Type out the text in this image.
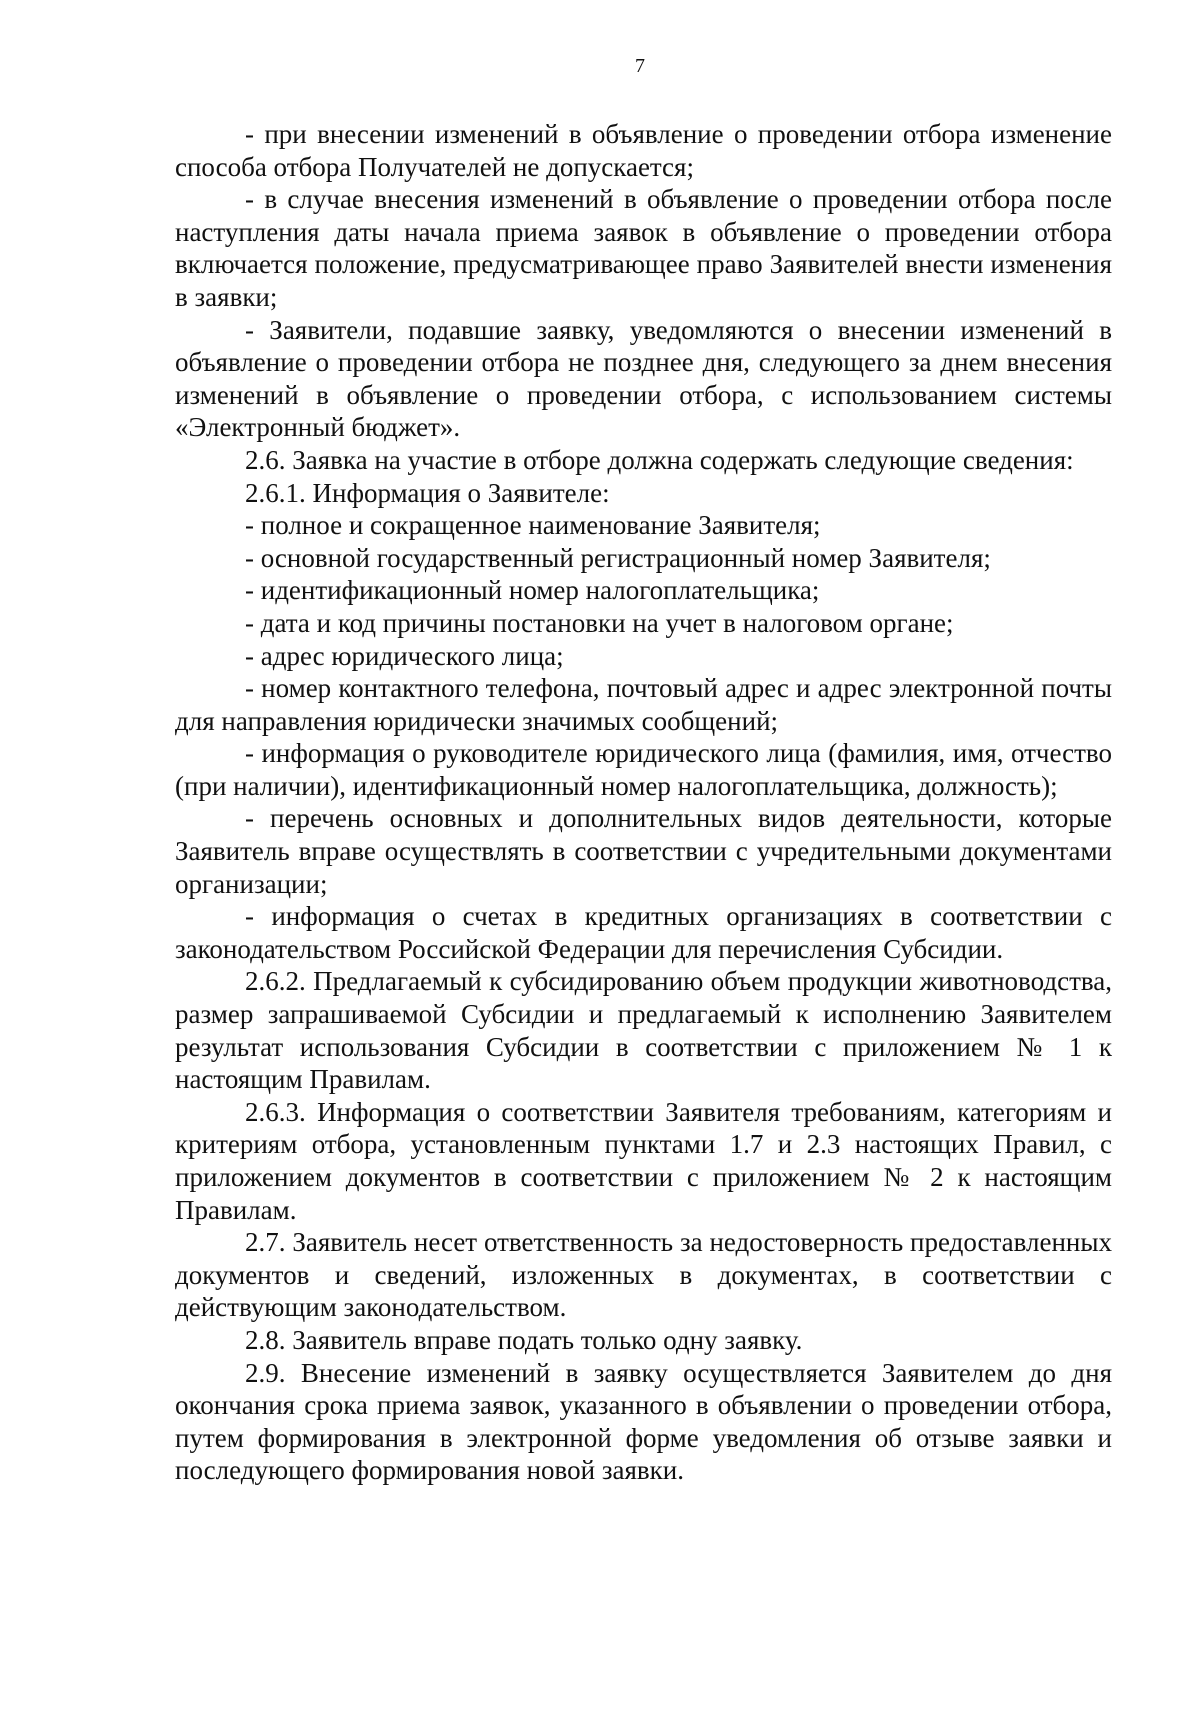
7

- при внесении изменений в объявление о проведении отбора изменение способа отбора Получателей не допускается;

- в случае внесения изменений в объявление о проведении отбора после наступления даты начала приема заявок в объявление о проведении отбора включается положение, предусматривающее право Заявителей внести изменения в заявки;

- Заявители, подавшие заявку, уведомляются о внесении изменений в объявление о проведении отбора не позднее дня, следующего за днем внесения изменений в объявление о проведении отбора, с использованием системы «Электронный бюджет».

2.6. Заявка на участие в отборе должна содержать следующие сведения:

2.6.1. Информация о Заявителе:

- полное и сокращенное наименование Заявителя;

- основной государственный регистрационный номер Заявителя;

- идентификационный номер налогоплательщика;

- дата и код причины постановки на учет в налоговом органе;

- адрес юридического лица;

- номер контактного телефона, почтовый адрес и адрес электронной почты для направления юридически значимых сообщений;

- информация о руководителе юридического лица (фамилия, имя, отчество (при наличии), идентификационный номер налогоплательщика, должность);

- перечень основных и дополнительных видов деятельности, которые Заявитель вправе осуществлять в соответствии с учредительными документами организации;

- информация о счетах в кредитных организациях в соответствии с законодательством Российской Федерации для перечисления Субсидии.

2.6.2. Предлагаемый к субсидированию объем продукции животноводства, размер запрашиваемой Субсидии и предлагаемый к исполнению Заявителем результат использования Субсидии в соответствии с приложением № 1 к настоящим Правилам.

2.6.3. Информация о соответствии Заявителя требованиям, категориям и критериям отбора, установленным пунктами 1.7 и 2.3 настоящих Правил, с приложением документов в соответствии с приложением № 2 к настоящим Правилам.

2.7. Заявитель несет ответственность за недостоверность предоставленных документов и сведений, изложенных в документах, в соответствии с действующим законодательством.

2.8. Заявитель вправе подать только одну заявку.

2.9. Внесение изменений в заявку осуществляется Заявителем до дня окончания срока приема заявок, указанного в объявлении о проведении отбора, путем формирования в электронной форме уведомления об отзыве заявки и последующего формирования новой заявки.
